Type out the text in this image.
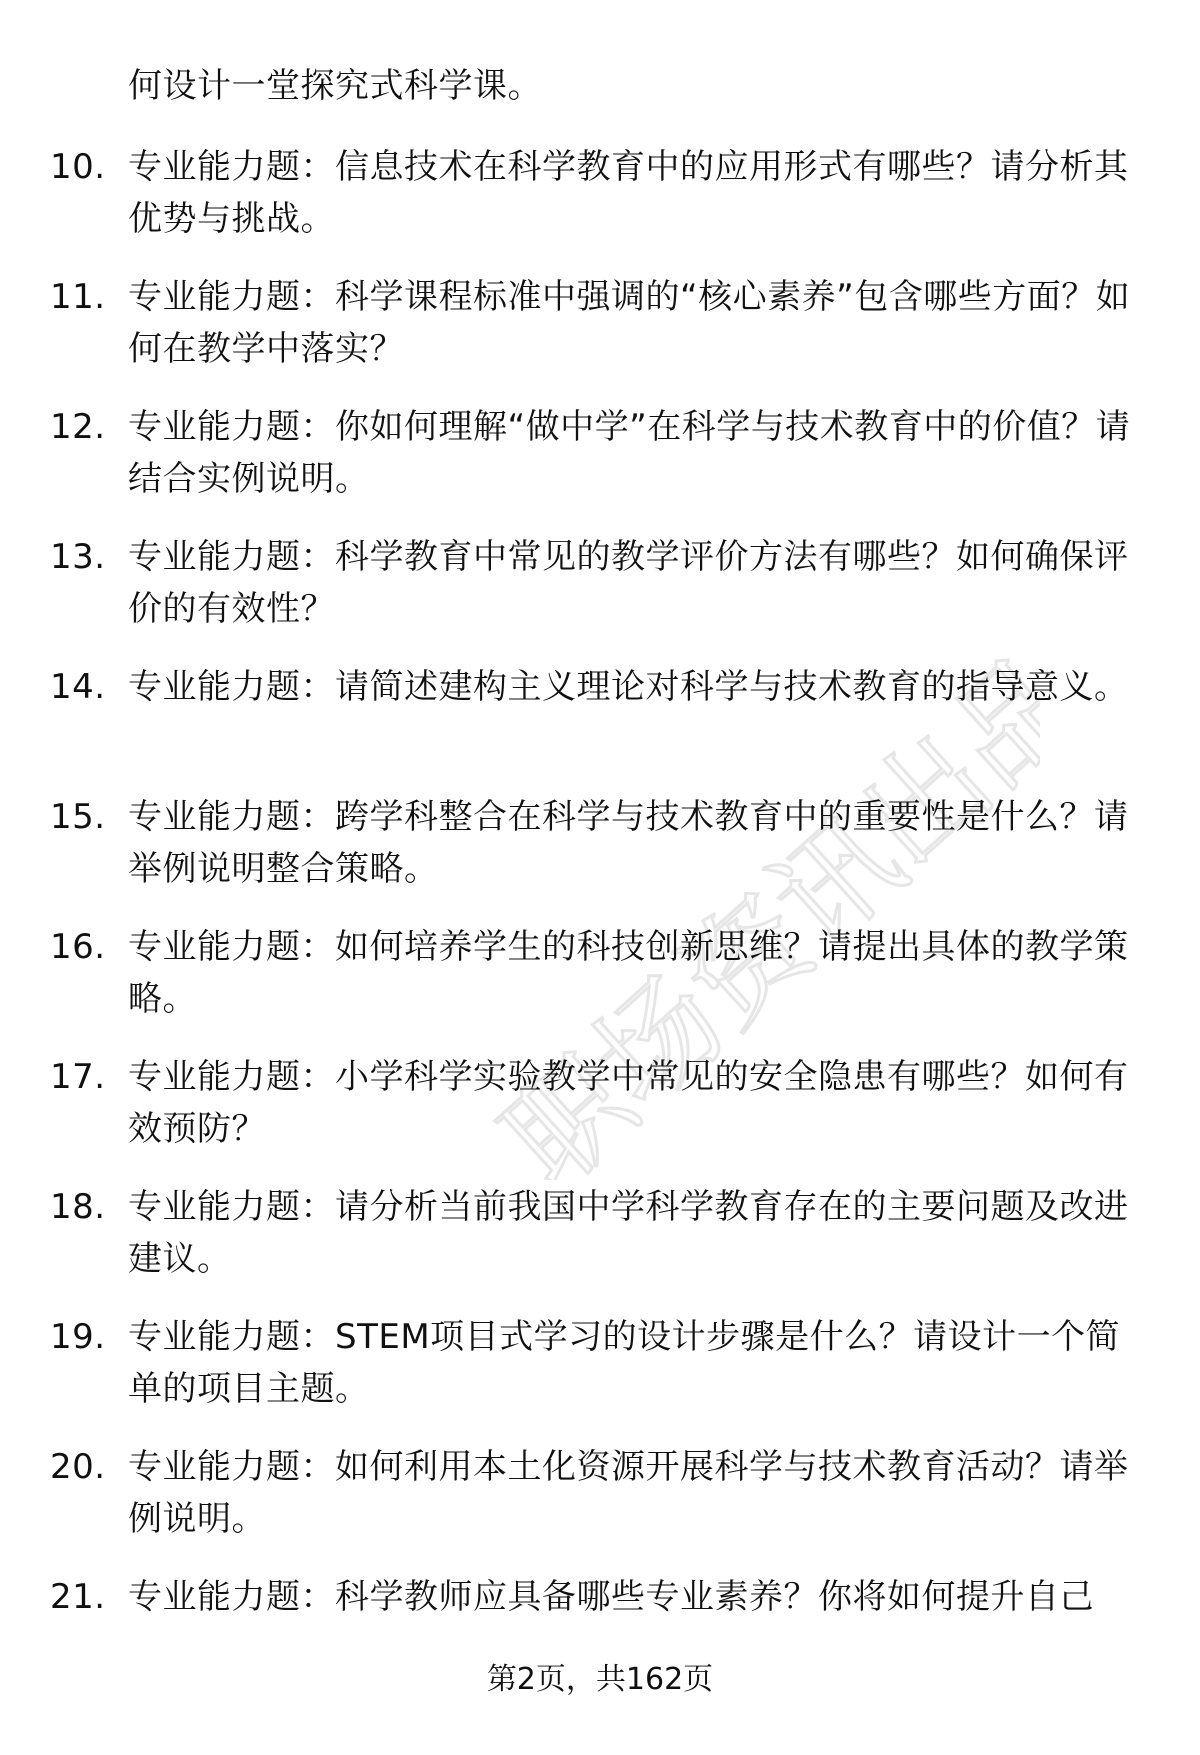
职场资讯出品
何设计一堂探究式科学课。
10. 专业能力题：信息技术在科学教育中的应用形式有哪些？请分析其优势与挑战。
11. 专业能力题：科学课程标准中强调的“核心素养”包含哪些方面？如何在教学中落实？
12. 专业能力题：你如何理解“做中学”在科学与技术教育中的价值？请结合实例说明。
13. 专业能力题：科学教育中常见的教学评价方法有哪些？如何确保评价的有效性？
14. 专业能力题：请简述建构主义理论对科学与技术教育的指导意义。
15. 专业能力题：跨学科整合在科学与技术教育中的重要性是什么？请举例说明整合策略。
16. 专业能力题：如何培养学生的科技创新思维？请提出具体的教学策略。
17. 专业能力题：小学科学实验教学中常见的安全隐患有哪些？如何有效预防？
18. 专业能力题：请分析当前我国中学科学教育存在的主要问题及改进建议。
19. 专业能力题：STEM项目式学习的设计步骤是什么？请设计一个简单的项目主题。
20. 专业能力题：如何利用本土化资源开展科学与技术教育活动？请举例说明。
21. 专业能力题：科学教师应具备哪些专业素养？你将如何提升自己
第2页，共162页
